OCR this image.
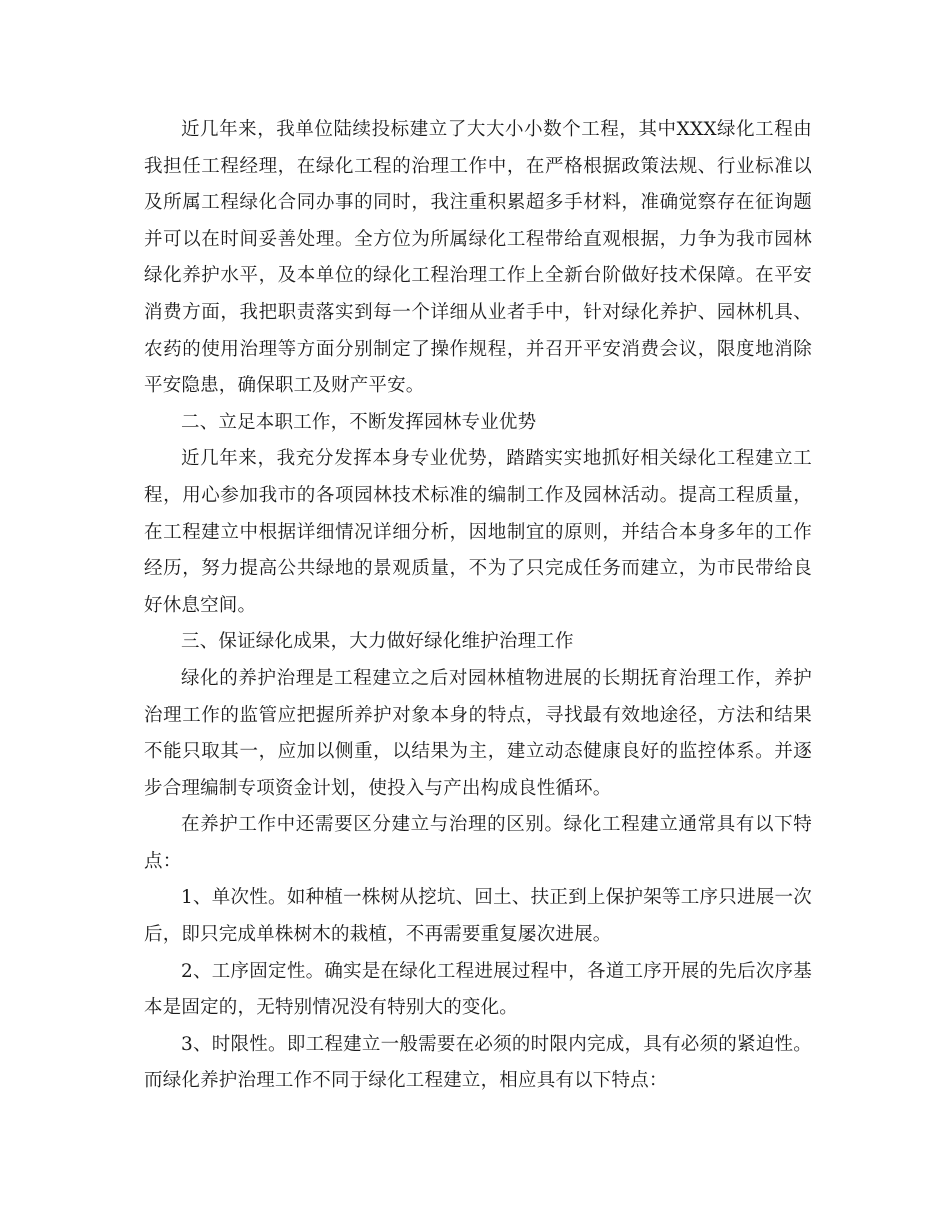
近几年来，我单位陆续投标建立了大大小小数个工程，其中XXX绿化工程由我担任工程经理，在绿化工程的治理工作中，在严格根据政策法规、行业标准以及所属工程绿化合同办事的同时，我注重积累超多手材料，准确觉察存在征询题并可以在时间妥善处理。全方位为所属绿化工程带给直观根据，力争为我市园林绿化养护水平，及本单位的绿化工程治理工作上全新台阶做好技术保障。在平安消费方面，我把职责落实到每一个详细从业者手中，针对绿化养护、园林机具、农药的使用治理等方面分别制定了操作规程，并召开平安消费会议，限度地消除平安隐患，确保职工及财产平安。

二、立足本职工作，不断发挥园林专业优势

近几年来，我充分发挥本身专业优势，踏踏实实地抓好相关绿化工程建立工程，用心参加我市的各项园林技术标准的编制工作及园林活动。提高工程质量，在工程建立中根据详细情况详细分析，因地制宜的原则，并结合本身多年的工作经历，努力提高公共绿地的景观质量，不为了只完成任务而建立，为市民带给良好休息空间。

三、保证绿化成果，大力做好绿化维护治理工作

绿化的养护治理是工程建立之后对园林植物进展的长期抚育治理工作，养护治理工作的监管应把握所养护对象本身的特点，寻找最有效地途径，方法和结果不能只取其一，应加以侧重，以结果为主，建立动态健康良好的监控体系。并逐步合理编制专项资金计划，使投入与产出构成良性循环。

在养护工作中还需要区分建立与治理的区别。绿化工程建立通常具有以下特点：

1、单次性。如种植一株树从挖坑、回土、扶正到上保护架等工序只进展一次后，即只完成单株树木的栽植，不再需要重复屡次进展。

2、工序固定性。确实是在绿化工程进展过程中，各道工序开展的先后次序基本是固定的，无特别情况没有特别大的变化。

3、时限性。即工程建立一般需要在必须的时限内完成，具有必须的紧迫性。而绿化养护治理工作不同于绿化工程建立，相应具有以下特点：
